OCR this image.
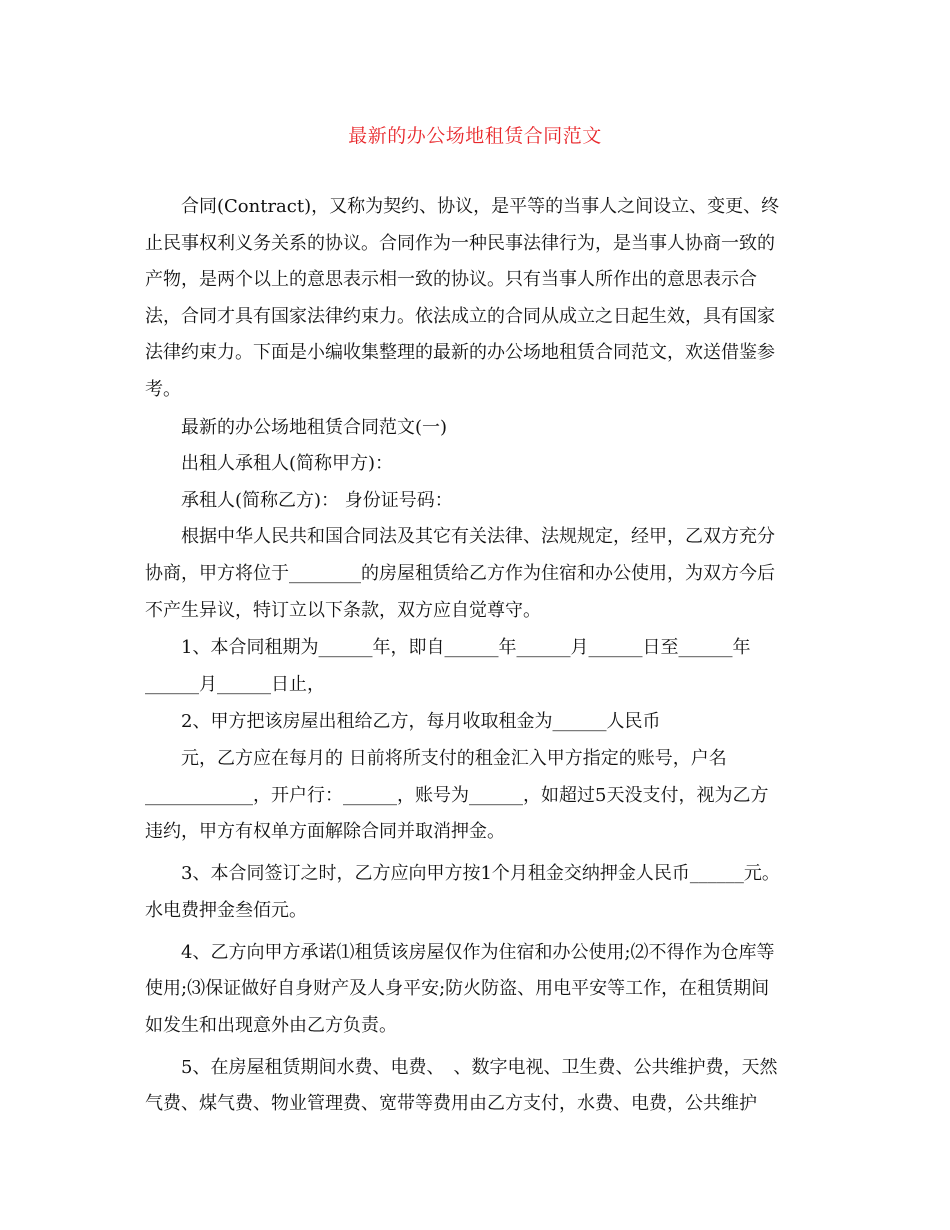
最新的办公场地租赁合同范文
　　合同(Contract)，又称为契约、协议，是平等的当事人之间设立、变更、终
止民事权利义务关系的协议。合同作为一种民事法律行为，是当事人协商一致的
产物，是两个以上的意思表示相一致的协议。只有当事人所作出的意思表示合
法，合同才具有国家法律约束力。依法成立的合同从成立之日起生效，具有国家
法律约束力。下面是小编收集整理的最新的办公场地租赁合同范文，欢送借鉴参
考。
　　最新的办公场地租赁合同范文(一)
　　出租人承租人(简称甲方)：
　　承租人(简称乙方)： 身份证号码：
　　根据中华人民共和国合同法及其它有关法律、法规规定，经甲，乙双方充分
协商，甲方将位于________的房屋租赁给乙方作为住宿和办公使用，为双方今后
不产生异议，特订立以下条款，双方应自觉尊守。
　　1、本合同租期为______年，即自______年______月______日至______年
______月______日止，
　　2、甲方把该房屋出租给乙方，每月收取租金为______人民币
　　元，乙方应在每月的 日前将所支付的租金汇入甲方指定的账号，户名
____________，开户行：______，账号为______，如超过5天没支付，视为乙方
违约，甲方有权单方面解除合同并取消押金。
　　3、本合同签订之时，乙方应向甲方按1个月租金交纳押金人民币______元。
水电费押金叁佰元。
　　4、乙方向甲方承诺⑴租赁该房屋仅作为住宿和办公使用;⑵不得作为仓库等
使用;⑶保证做好自身财产及人身平安;防火防盗、用电平安等工作，在租赁期间
如发生和出现意外由乙方负责。
　　5、在房屋租赁期间水费、电费、　、数字电视、卫生费、公共维护费，天然
气费、煤气费、物业管理费、宽带等费用由乙方支付，水费、电费，公共维护
